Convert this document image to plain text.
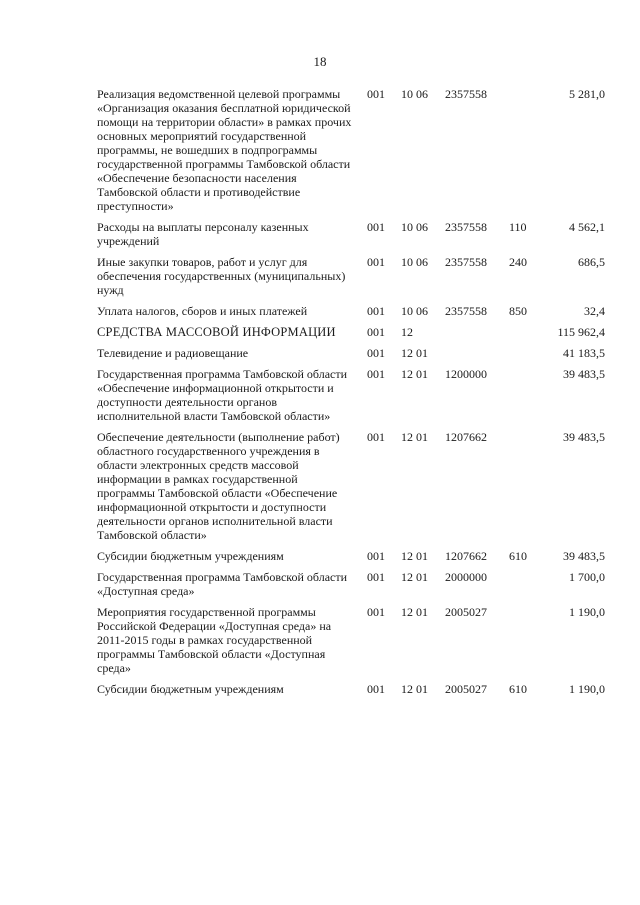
18
Реализация ведомственной целевой программы «Организация оказания бесплатной юридической помощи на территории области» в рамках прочих основных мероприятий государственной программы, не вошедших в подпрограммы государственной программы Тамбовской области «Обеспечение безопасности населения Тамбовской области и противодействие преступности»	001	10 06	2357558		5 281,0
Расходы на выплаты персоналу казенных учреждений	001	10 06	2357558	110	4 562,1
Иные закупки товаров, работ и услуг для обеспечения государственных (муниципальных) нужд	001	10 06	2357558	240	686,5
Уплата налогов, сборов и иных платежей	001	10 06	2357558	850	32,4
СРЕДСТВА МАССОВОЙ ИНФОРМАЦИИ	001	12			115 962,4
Телевидение и радиовещание	001	12 01			41 183,5
Государственная программа Тамбовской области «Обеспечение информационной открытости и доступности деятельности органов исполнительной власти Тамбовской области»	001	12 01	1200000		39 483,5
Обеспечение деятельности (выполнение работ) областного государственного учреждения в области электронных средств массовой информации в рамках государственной программы Тамбовской области «Обеспечение информационной открытости и доступности деятельности органов исполнительной власти Тамбовской области»	001	12 01	1207662		39 483,5
Субсидии бюджетным учреждениям	001	12 01	1207662	610	39 483,5
Государственная программа Тамбовской области «Доступная среда»	001	12 01	2000000		1 700,0
Мероприятия государственной программы Российской Федерации «Доступная среда» на 2011-2015 годы в рамках государственной программы Тамбовской области «Доступная среда»	001	12 01	2005027		1 190,0
Субсидии бюджетным учреждениям	001	12 01	2005027	610	1 190,0
